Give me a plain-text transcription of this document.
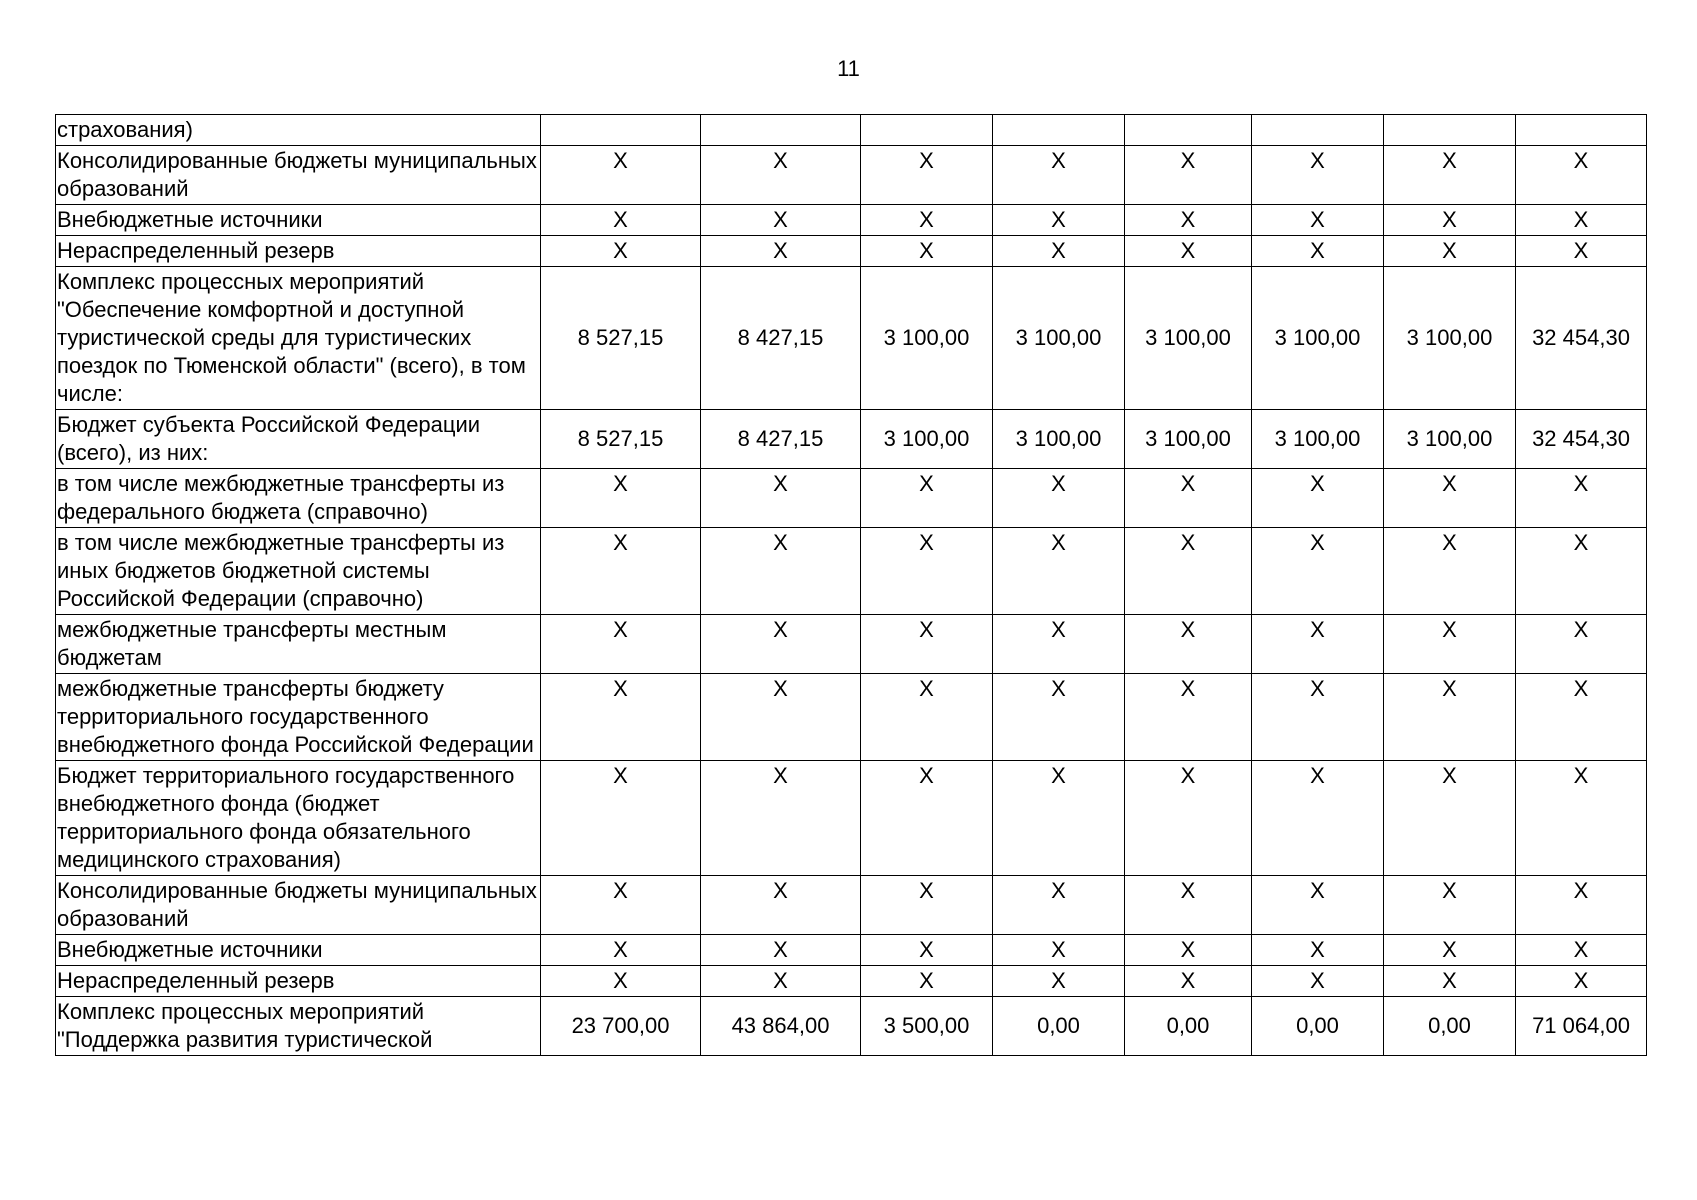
11
страхования)								
Консолидированные бюджеты муниципальных образований	X	X	X	X	X	X	X	X
Внебюджетные источники	X	X	X	X	X	X	X	X
Нераспределенный резерв	X	X	X	X	X	X	X	X
Комплекс процессных мероприятий "Обеспечение комфортной и доступной туристической среды для туристических поездок по Тюменской области" (всего), в том числе:	8 527,15	8 427,15	3 100,00	3 100,00	3 100,00	3 100,00	3 100,00	32 454,30
Бюджет субъекта Российской Федерации (всего), из них:	8 527,15	8 427,15	3 100,00	3 100,00	3 100,00	3 100,00	3 100,00	32 454,30
в том числе межбюджетные трансферты из федерального бюджета (справочно)	X	X	X	X	X	X	X	X
в том числе межбюджетные трансферты из иных бюджетов бюджетной системы Российской Федерации (справочно)	X	X	X	X	X	X	X	X
межбюджетные трансферты местным бюджетам	X	X	X	X	X	X	X	X
межбюджетные трансферты бюджету территориального государственного внебюджетного фонда Российской Федерации	X	X	X	X	X	X	X	X
Бюджет территориального государственного внебюджетного фонда (бюджет территориального фонда обязательного медицинского страхования)	X	X	X	X	X	X	X	X
Консолидированные бюджеты муниципальных образований	X	X	X	X	X	X	X	X
Внебюджетные источники	X	X	X	X	X	X	X	X
Нераспределенный резерв	X	X	X	X	X	X	X	X
Комплекс процессных мероприятий "Поддержка развития туристической	23 700,00	43 864,00	3 500,00	0,00	0,00	0,00	0,00	71 064,00
